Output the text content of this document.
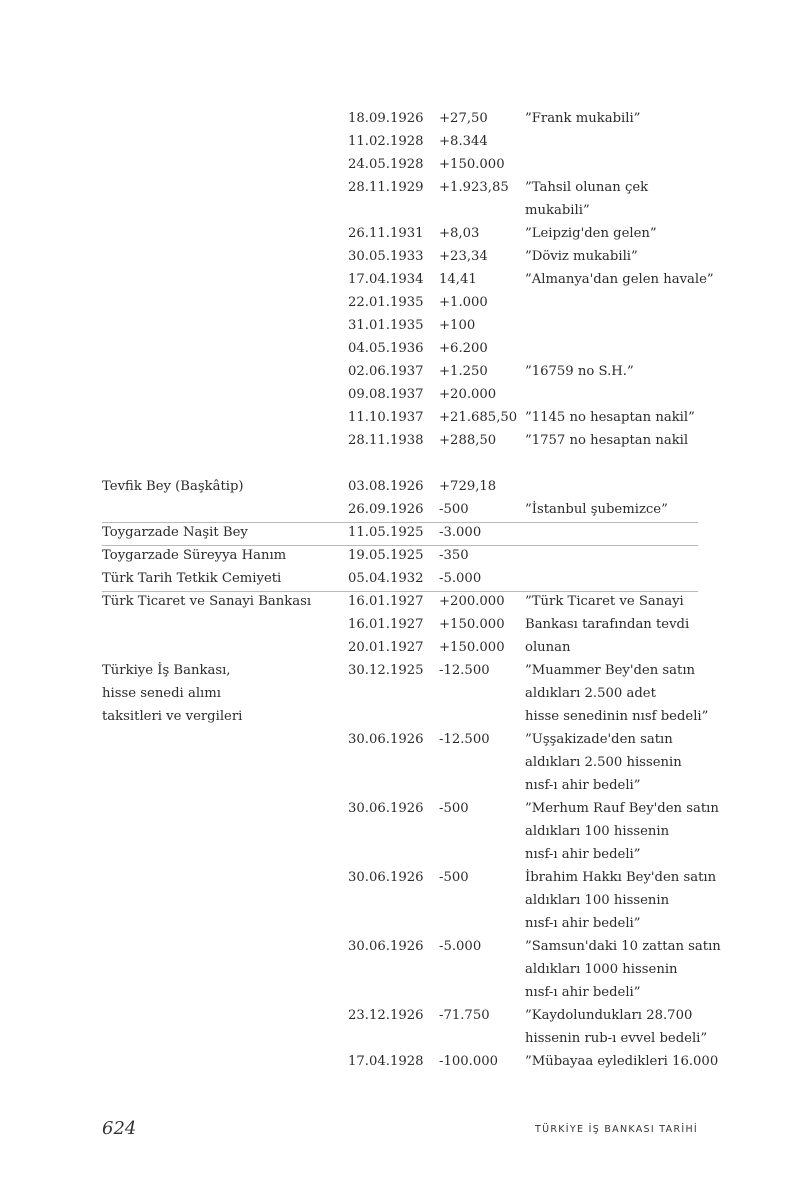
18.09.1926 +27,50	”Frank mukabili”
11.02.1928 +8.344
24.05.1928 +150.000
28.11.1929 +1.923,85 ”Tahsil olunan çek
mukabili”
26.11.1931 +8,03	”Leipzig'den gelen”
30.05.1933 +23,34	”Döviz mukabili”
17.04.1934 14,41	”Almanya'dan gelen havale”
22.01.1935 +1.000
31.01.1935 +100
04.05.1936 +6.200
02.06.1937 +1.250	”16759 no S.H.”
09.08.1937 +20.000
11.10.1937 +21.685,50 ”1145 no hesaptan nakil”
28.11.1938 +288,50 ”1757 no hesaptan nakil
Tevfik Bey (Başkâtip)	03.08.1926 +729,18
26.09.1926 -500	”İstanbul şubemizce”
Toygarzade Naşit Bey	11.05.1925 -3.000
Toygarzade Süreyya Hanım	19.05.1925 -350
Türk Tarih Tetkik Cemiyeti	05.04.1932 -5.000
Türk Ticaret ve Sanayi Bankası	16.01.1927 +200.000 ”Türk Ticaret ve Sanayi
16.01.1927 +150.000 Bankası tarafından tevdi
20.01.1927 +150.000 olunan
Türkiye İş Bankası,	30.12.1925 -12.500	”Muammer Bey'den satın
hisse senedi alımı	aldıkları 2.500 adet
taksitleri ve vergileri	hisse senedinin nısf bedeli”
30.06.1926 -12.500	”Uşşakizade'den satın
aldıkları 2.500 hissenin
nısf-ı ahir bedeli”
30.06.1926 -500	”Merhum Rauf Bey'den satın
aldıkları 100 hissenin
nısf-ı ahir bedeli”
30.06.1926 -500	İbrahim Hakkı Bey'den satın
aldıkları 100 hissenin
nısf-ı ahir bedeli”
30.06.1926 -5.000	”Samsun'daki 10 zattan satın
aldıkları 1000 hissenin
nısf-ı ahir bedeli”
23.12.1926 -71.750	”Kaydolundukları 28.700
hissenin rub-ı evvel bedeli”
17.04.1928 -100.000 ”Mübayaa eyledikleri 16.000
624	TÜRKİYE İŞ BANKASI TARİHİ
